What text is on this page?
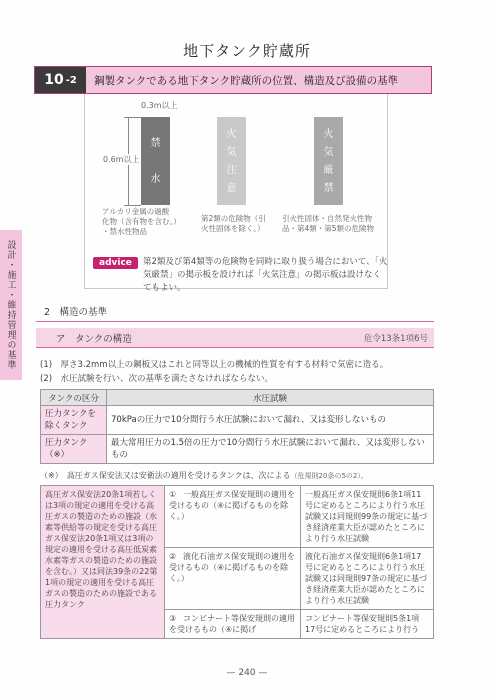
地下タンク貯蔵所
10 -2 鋼製タンクである地下タンク貯蔵所の位置、構造及び設備の基準
0.3m以上
0.6m以上
禁
水
アルカリ金属の過酸
化物（含有物を含む。）
・禁水性物品
火
気
注
意
第2類の危険物（引
火性固体を除く。）
火
気
厳
禁
引火性固体・自然発火性物
品・第4類・第5類の危険物
advice	第2類及び第4類等の危険物を同時に取り扱う場合において、「火気厳禁」の掲示板を設ければ「火気注意」の掲示板は設けなくてもよい。
設計・施工・維持管理の基準	2　構造の基準
ア　タンクの構造	危令13条1項6号
(1)　厚さ3.2mm以上の鋼板又はこれと同等以上の機械的性質を有する材料で気密に造る。
(2)　水圧試験を行い、次の基準を満たさなければならない。
タンクの区分	水圧試験
圧力タンクを除くタンク	70kPaの圧力で10分間行う水圧試験において漏れ、又は変形しないもの
圧力タンク（※）	最大常用圧力の1.5倍の圧力で10分間行う水圧試験において漏れ、又は変形しないもの
（※）　高圧ガス保安法又は安衛法の適用を受けるタンクは、次による（危規則20条の5の2）。
高圧ガス保安法20条1項若しくは3項の規定の適用を受ける高圧ガスの製造のための施設（水素等供給等の規定を受ける高圧ガス保安法20条1項又は3項の規定の適用を受ける高圧低炭素水素等ガスの製造のための施設を含む。）又は同法39条の22第1項の規定の適用を受ける高圧ガスの製造のための施設である圧力タンク	① 一般高圧ガス保安規則の適用を受けるもの（④に掲げるものを除く。）	一般高圧ガス保安規則6条1項11号に定めるところにより行う水圧試験又は同規則99条の規定に基づき経済産業大臣が認めたところにより行う水圧試験
	② 液化石油ガス保安規則の適用を受けるもの（④に掲げるものを除く。）	液化石油ガス保安規則6条1項17号に定めるところにより行う水圧試験又は同規則97条の規定に基づき経済産業大臣が認めたところにより行う水圧試験
	③ コンビナート等保安規則の適用を受けるもの（④に掲げ	コンビナート等保安規則5条1項17号に定めるところにより行う
— 240 —
